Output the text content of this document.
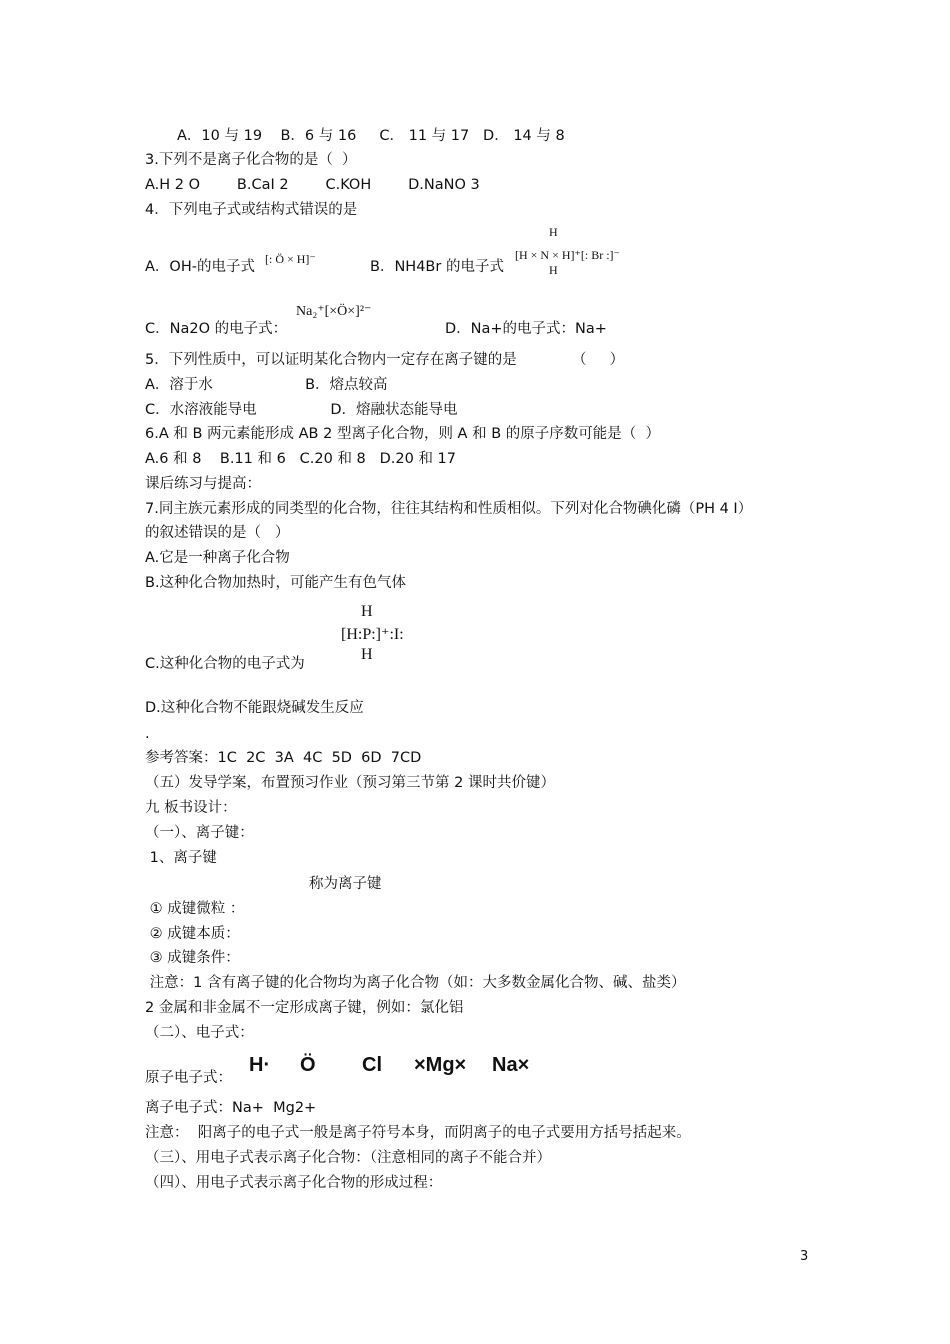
A．10 与 19    B．6 与 16     C． 11 与 17   D． 14 与 8
3.下列不是离子化合物的是（  ）
A.H 2 O        B.CaI 2        C.KOH        D.NaNO 3
4．下列电子式或结构式错误的是
A．OH-的电子式 [: Ö × H]⁻	B．NH4Br 的电子式
H
[H × N × H]⁺[: Br :]⁻
H
C．Na2O 的电子式：
Na₂⁺[×Ö×]²⁻
D．Na+的电子式：Na+
5．下列性质中，可以证明某化合物内一定存在离子键的是            （     ）
A．溶于水                    B．熔点较高
C．水溶液能导电                D．熔融状态能导电
6.A 和 B 两元素能形成 AB 2 型离子化合物，则 A 和 B 的原子序数可能是（  ）
A.6 和 8    B.11 和 6   C.20 和 8   D.20 和 17
课后练习与提高：
7.同主族元素形成的同类型的化合物，往往其结构和性质相似。下列对化合物碘化磷（PH 4 I）
的叙述错误的是（   ）
A.它是一种离子化合物
B.这种化合物加热时，可能产生有色气体
H
[H:P:]⁺:I:
H
C.这种化合物的电子式为
D.这种化合物不能跟烧碱发生反应
.
参考答案：1C  2C  3A  4C  5D  6D  7CD
（五）发导学案，布置预习作业（预习第三节第 2 课时共价键）
九 板书设计：
（一）、离子键：
1、离子键
称为离子键
① 成键微粒 ：
② 成键本质：
③ 成键条件：
注意：1 含有离子键的化合物均为离子化合物（如：大多数金属化合物、碱、盐类）
2 金属和非金属不一定形成离子键，例如：氯化铝
（二）、电子式：
H· Ö Cl ×Mg× Na×
原子电子式：
离子电子式：Na+  Mg2+
注意：  阳离子的电子式一般是离子符号本身，而阴离子的电子式要用方括号括起来。
（三）、用电子式表示离子化合物：（注意相同的离子不能合并）
（四）、用电子式表示离子化合物的形成过程：
3
